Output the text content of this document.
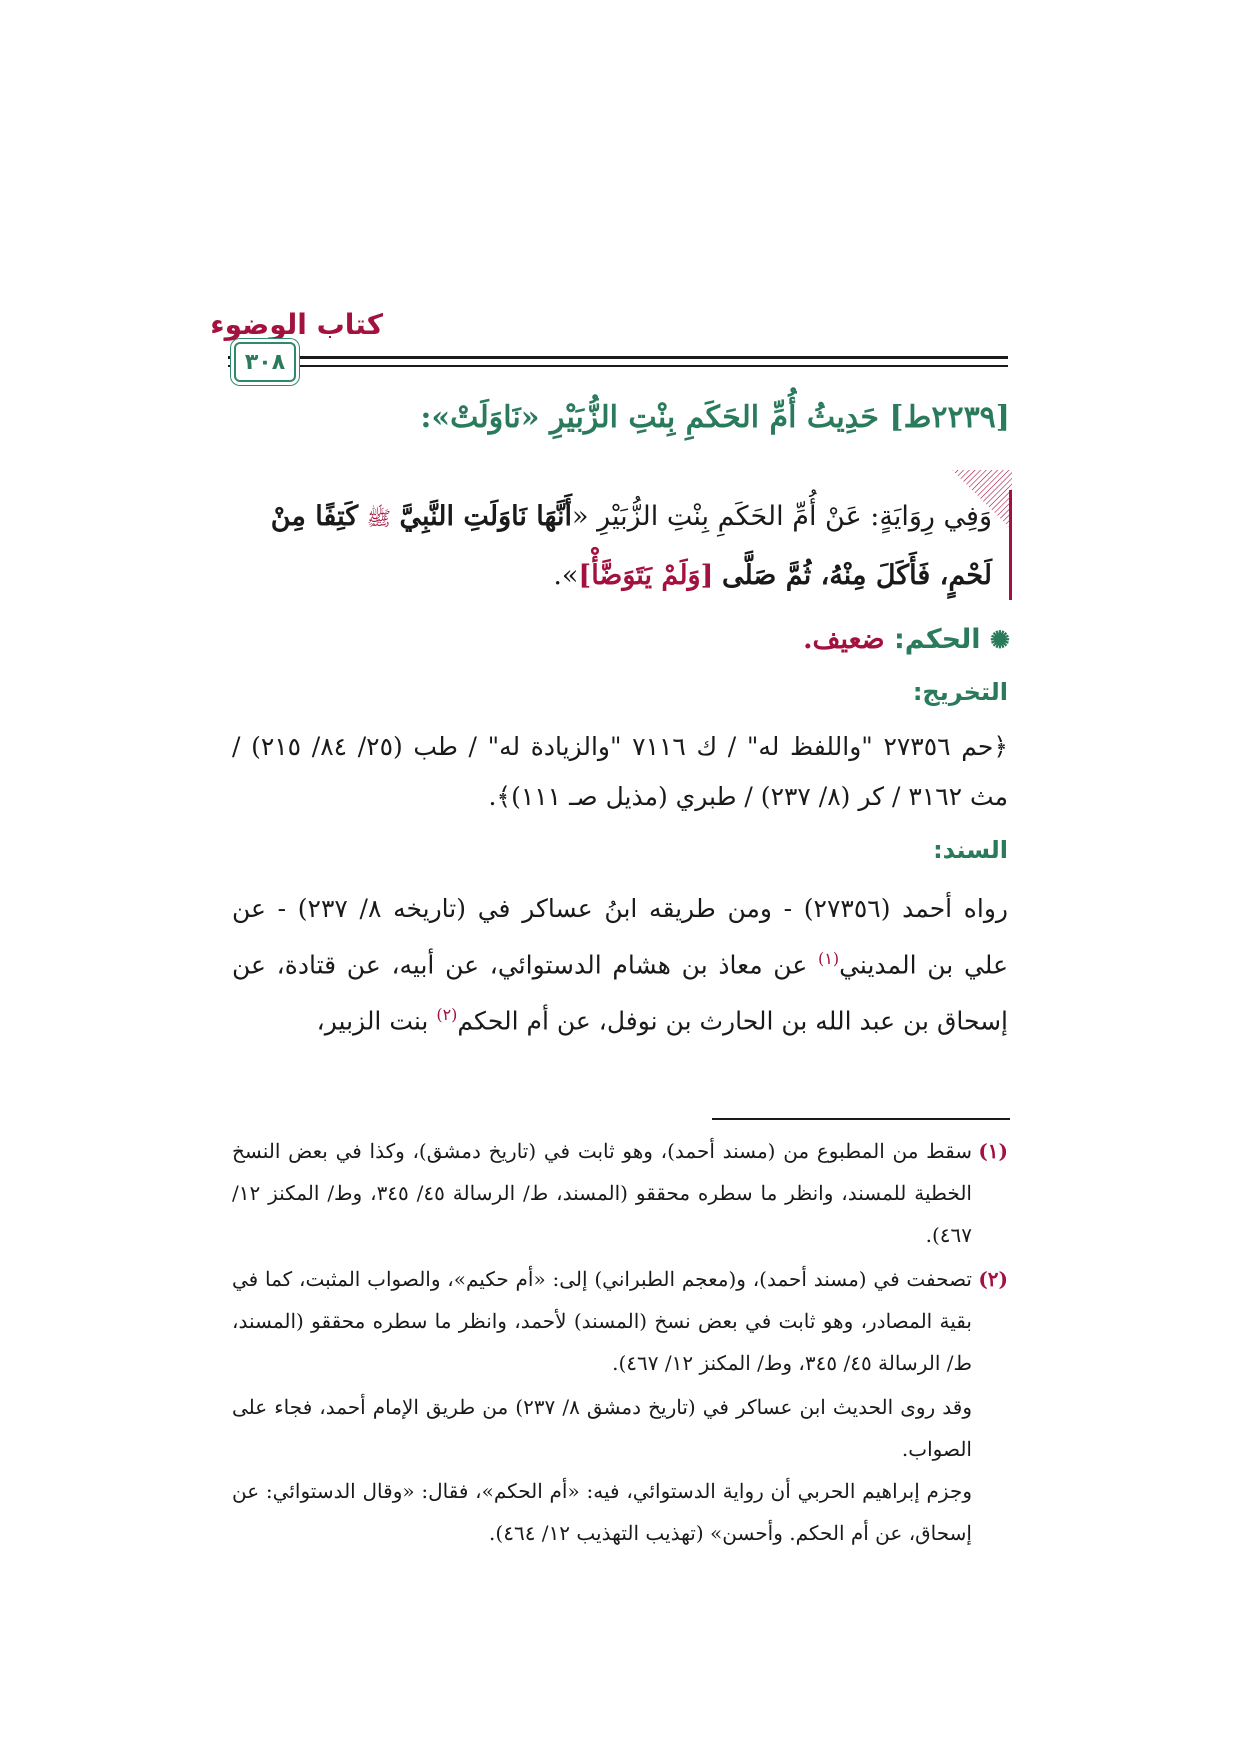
كتاب الوضوء
٣٠٨
[٢٢٣٩ط] حَدِيثُ أُمِّ الحَكَمِ بِنْتِ الزُّبَيْرِ «نَاوَلَتْ»:
وَفِي رِوَايَةٍ: عَنْ أُمِّ الحَكَمِ بِنْتِ الزُّبَيْرِ «أَنَّهَا نَاوَلَتِ النَّبِيَّ ﷺ كَتِفًا مِنْ لَحْمٍ، فَأَكَلَ مِنْهُ، ثُمَّ صَلَّى [وَلَمْ يَتَوَضَّأْ]».
✺ الحكم: ضعيف.
التخريج:
﴿حم ٢٧٣٥٦ "واللفظ له" / ك ٧١١٦ "والزيادة له" / طب (٢٥/ ٨٤/ ٢١٥) / مث ٣١٦٢ / كر (٨/ ٢٣٧) / طبري (مذيل صـ ١١١)﴾.
السند:
رواه أحمد (٢٧٣٥٦) - ومن طريقه ابنُ عساكر في (تاريخه ٨/ ٢٣٧) - عن علي بن المديني$^{(١)}$ عن معاذ بن هشام الدستوائي، عن أبيه، عن قتادة، عن إسحاق بن عبد الله بن الحارث بن نوفل، عن أم الحكم$^{(٢)}$ بنت الزبير،
(١)
سقط من المطبوع من (مسند أحمد)، وهو ثابت في (تاريخ دمشق)، وكذا في بعض النسخ الخطية للمسند، وانظر ما سطره محققو (المسند، ط/ الرسالة ٤٥/ ٣٤٥، وط/ المكنز ١٢/ ٤٦٧).
(٢)
تصحفت في (مسند أحمد)، و(معجم الطبراني) إلى: «أم حكيم»، والصواب المثبت، كما في بقية المصادر، وهو ثابت في بعض نسخ (المسند) لأحمد، وانظر ما سطره محققو (المسند، ط/ الرسالة ٤٥/ ٣٤٥، وط/ المكنز ١٢/ ٤٦٧).
وقد روى الحديث ابن عساكر في (تاريخ دمشق ٨/ ٢٣٧) من طريق الإمام أحمد، فجاء على الصواب.
وجزم إبراهيم الحربي أن رواية الدستوائي، فيه: «أم الحكم»، فقال: «وقال الدستوائي: عن إسحاق، عن أم الحكم. وأحسن» (تهذيب التهذيب ١٢/ ٤٦٤).
